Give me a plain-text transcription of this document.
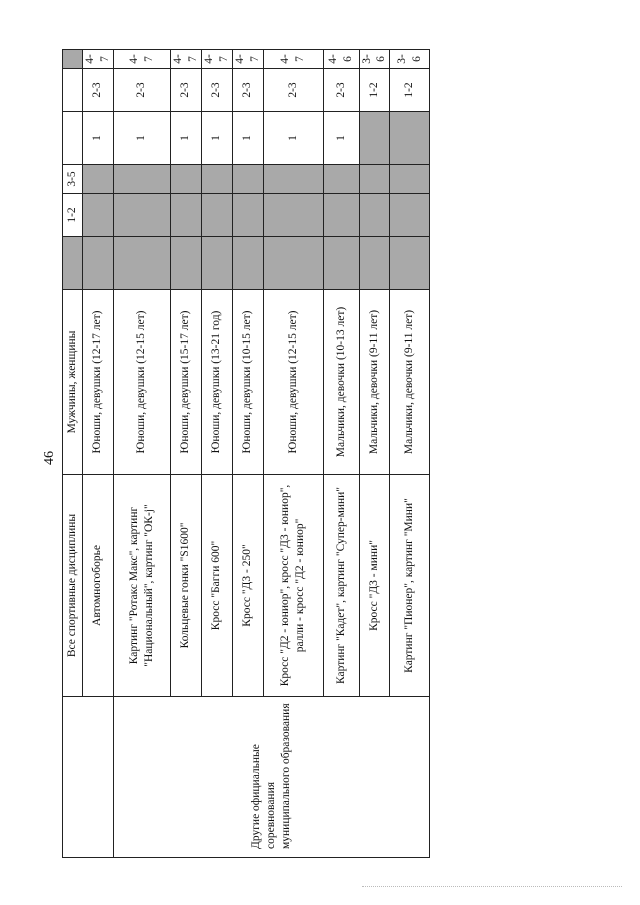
46
	Все спортивные дисциплины	Мужчины, женщины		1-2	3-5			
	Автомногоборье	Юноши, девушки (12-17 лет)				1	2-3	4-7
Другие официальные соревнования муниципального образования	Картинг "Ротакс Макс", картинг "Национальный", картинг "ОК-j"	Юноши, девушки (12-15 лет)				1	2-3	4-7
	Кольцевые гонки "S1600"	Юноши, девушки (15-17 лет)				1	2-3	4-7
	Кросс "Багги 600"	Юноши, девушки (13-21 год)				1	2-3	4-7
	Кросс "Д3 - 250"	Юноши, девушки (10-15 лет)				1	2-3	4-7
	Кросс "Д2 - юниор", кросс "Д3 - юниор", ралли - кросс "Д2 - юниор"	Юноши, девушки (12-15 лет)				1	2-3	4-7
	Картинг "Кадет", картинг "Супер-мини"	Мальчики, девочки (10-13 лет)				1	2-3	4-6
	Кросс "Д3 - мини"	Мальчики, девочки (9-11 лет)					1-2	3-6
	Картинг "Пионер", картинг "Мини"	Мальчики, девочки (9-11 лет)					1-2	3-6
